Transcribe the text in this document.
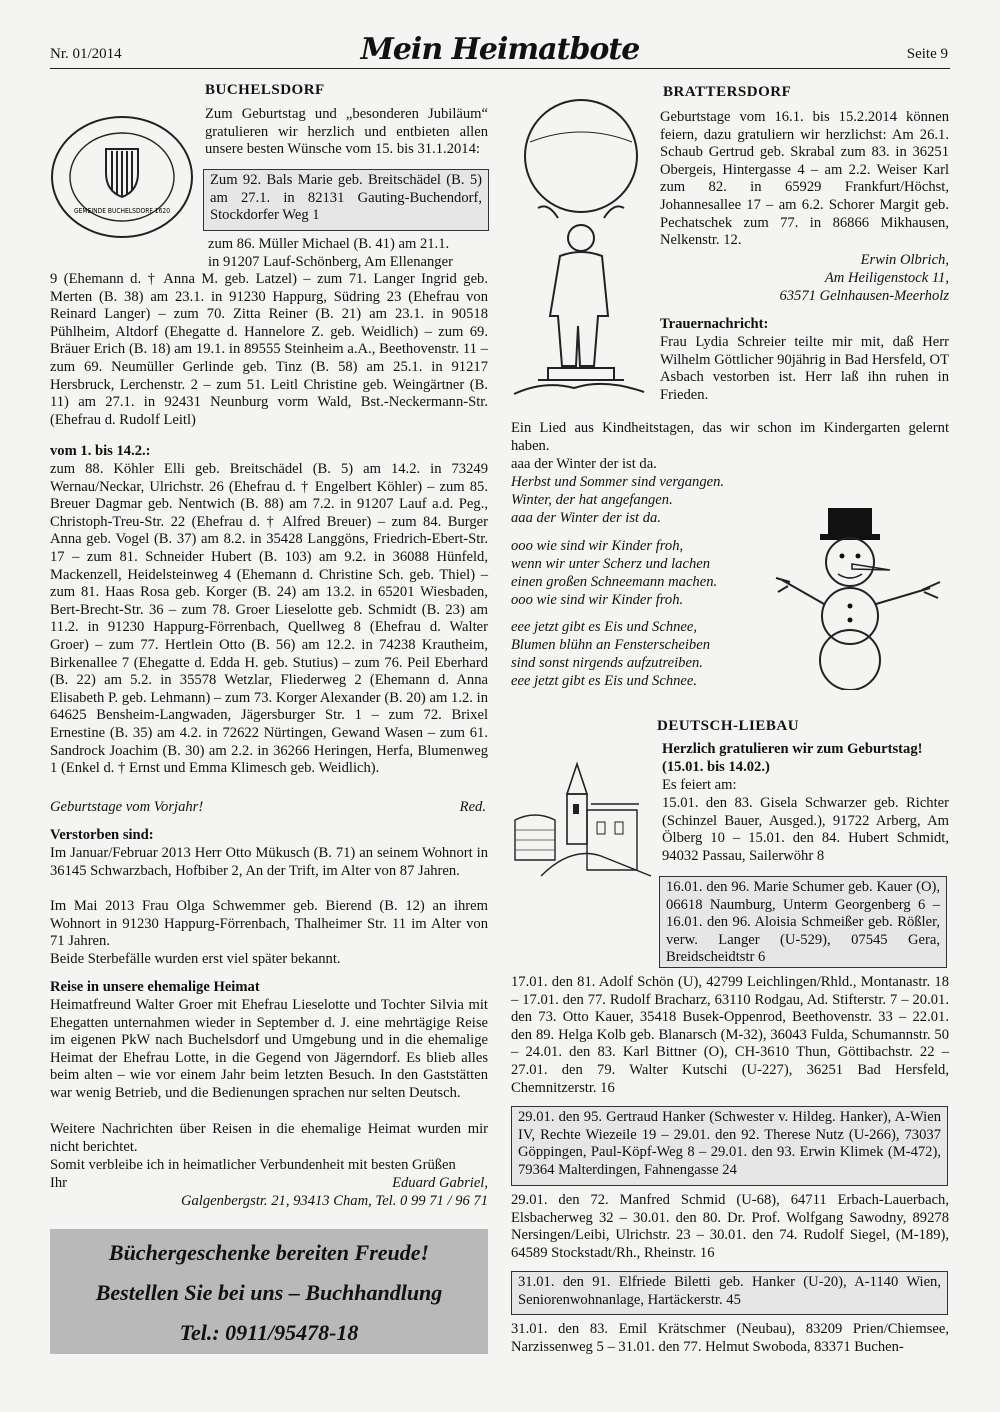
Nr. 01/2014	Mein Heimatbote	Seite 9
GEMEINDE BUCHELSDORF 1620
BUCHELSDORF
Zum Geburtstag und „besonderen Jubiläum“ gratulieren wir herzlich und entbieten allen unsere besten Wünsche vom 15. bis 31.1.2014:
Zum 92. Bals Marie geb. Breitschädel (B. 5) am 27.1. in 82131 Gauting-Buchendorf, Stockdorfer Weg 1
zum 86. Müller Michael (B. 41) am 21.1.
in 91207 Lauf-Schönberg, Am Ellenanger
9 (Ehemann d. † Anna M. geb. Latzel) – zum 71. Langer Ingrid geb. Merten (B. 38) am 23.1. in 91230 Happurg, Südring 23 (Ehefrau von Reinard Langer) – zum 70. Zitta Reiner (B. 21) am 23.1. in 90518 Pühlheim, Altdorf (Ehegatte d. Hannelore Z. geb. Weidlich) – zum 69. Bräuer Erich (B. 18) am 19.1. in 89555 Steinheim a.A., Beethovenstr. 11 – zum 69. Neumüller Gerlinde geb. Tinz (B. 58) am 25.1. in 91217 Hersbruck, Lerchenstr. 2 – zum 51. Leitl Christine geb. Weingärtner (B. 11) am 27.1. in 92431 Neunburg vorm Wald, Bst.-Neckermann-Str. (Ehefrau d. Rudolf Leitl)
vom 1. bis 14.2.:
zum 88. Köhler Elli geb. Breitschädel (B. 5) am 14.2. in 73249 Wernau/Neckar, Ulrichstr. 26 (Ehefrau d. † Engelbert Köhler) – zum 85. Breuer Dagmar geb. Nentwich (B. 88) am 7.2. in 91207 Lauf a.d. Peg., Christoph-Treu-Str. 22 (Ehefrau d. † Alfred Breuer) – zum 84. Burger Anna geb. Vogel (B. 37) am 8.2. in 35428 Langgöns, Friedrich-Ebert-Str. 17 – zum 81. Schneider Hubert (B. 103) am 9.2. in 36088 Hünfeld, Mackenzell, Heidelsteinweg 4 (Ehemann d. Christine Sch. geb. Thiel) – zum 81. Haas Rosa geb. Korger (B. 24) am 13.2. in 65201 Wiesbaden, Bert-Brecht-Str. 36 – zum 78. Groer Lieselotte geb. Schmidt (B. 23) am 11.2. in 91230 Happurg-Förrenbach, Quellweg 8 (Ehefrau d. Walter Groer) – zum 77. Hertlein Otto (B. 56) am 12.2. in 74238 Krautheim, Birkenallee 7 (Ehegatte d. Edda H. geb. Stutius) – zum 76. Peil Eberhard (B. 22) am 5.2. in 35578 Wetzlar, Fliederweg 2 (Ehemann d. Anna Elisabeth P. geb. Lehmann) – zum 73. Korger Alexander (B. 20) am 1.2. in 64625 Bensheim-Langwaden, Jägersburger Str. 1 – zum 72. Brixel Ernestine (B. 35) am 4.2. in 72622 Nürtingen, Gewand Wasen – zum 61. Sandrock Joachim (B. 30) am 2.2. in 36266 Heringen, Herfa, Blumenweg 1 (Enkel d. † Ernst und Emma Klimesch geb. Weidlich).
Geburtstage vom Vorjahr!	Red.
Verstorben sind:
Im Januar/Februar 2013 Herr Otto Mükusch (B. 71) an seinem Wohnort in 36145 Schwarzbach, Hofbiber 2, An der Trift, im Alter von 87 Jahren.
Im Mai 2013 Frau Olga Schwemmer geb. Bierend (B. 12) an ihrem Wohnort in 91230 Happurg-Förrenbach, Thalheimer Str. 11 im Alter von 71 Jahren.
Beide Sterbefälle wurden erst viel später bekannt.
Reise in unsere ehemalige Heimat
Heimatfreund Walter Groer mit Ehefrau Lieselotte und Tochter Silvia mit Ehegatten unternahmen wieder in September d. J. eine mehrtägige Reise im eigenen PkW nach Buchelsdorf und Umgebung und in die ehemalige Heimat der Ehefrau Lotte, in die Gegend von Jägerndorf. Es blieb alles beim alten – wie vor einem Jahr beim letzten Besuch. In den Gaststätten war wenig Betrieb, und die Bedienungen sprachen nur selten Deutsch.
Weitere Nachrichten über Reisen in die ehemalige Heimat wurden mir nicht berichtet.
Somit verbleibe ich in heimatlicher Verbundenheit mit besten Grüßen
Ihr	Eduard Gabriel,
Galgenbergstr. 21, 93413 Cham, Tel. 0 99 71 / 96 71
Büchergeschenke bereiten Freude!
Bestellen Sie bei uns – Buchhandlung
Tel.: 0911/95478-18
BRATTERSDORF
Geburtstage vom 16.1. bis 15.2.2014 können feiern, dazu gratuliern wir herzlichst: Am 26.1. Schaub Gertrud geb. Skrabal zum 83. in 36251 Obergeis, Hintergasse 4 – am 2.2. Weiser Karl zum 82. in 65929 Frankfurt/Höchst, Johannesallee 17 – am 6.2. Schorer Margit geb. Pechatschek zum 77. in 86866 Mikhausen, Nelkenstr. 12.
Erwin Olbrich,
Am Heiligenstock 11,
63571 Gelnhausen-Meerholz
Trauernachricht:
Frau Lydia Schreier teilte mir mit, daß Herr Wilhelm Göttlicher 90jährig in Bad Hersfeld, OT Asbach vestorben ist. Herr laß ihn ruhen in Frieden.
Ein Lied aus Kindheitstagen, das wir schon im Kindergarten gelernt haben.
aaa der Winter der ist da.
Herbst und Sommer sind vergangen.
Winter, der hat angefangen.
aaa der Winter der ist da.
ooo wie sind wir Kinder froh,
wenn wir unter Scherz und lachen
einen großen Schneemann machen.
ooo wie sind wir Kinder froh.
eee jetzt gibt es Eis und Schnee,
Blumen blühn an Fensterscheiben
sind sonst nirgends aufzutreiben.
eee jetzt gibt es Eis und Schnee.
DEUTSCH-LIEBAU
Herzlich gratulieren wir zum Geburtstag!
(15.01. bis 14.02.)
Es feiert am:
15.01. den 83. Gisela Schwarzer geb. Richter (Schinzel Bauer, Ausged.), 91722 Arberg, Am Ölberg 10 – 15.01. den 84. Hubert Schmidt, 94032 Passau, Sailerwöhr 8
16.01. den 96. Marie Schumer geb. Kauer (O), 06618 Naumburg, Unterm Georgenberg 6 – 16.01. den 96. Aloisia Schmeißer geb. Rößler, verw. Langer (U-529), 07545 Gera, Breidscheidtstr 6
17.01. den 81. Adolf Schön (U), 42799 Leichlingen/Rhld., Montanastr. 18 – 17.01. den 77. Rudolf Bracharz, 63110 Rodgau, Ad. Stifterstr. 7 – 20.01. den 73. Otto Kauer, 35418 Busek-Oppenrod, Beethovenstr. 33 – 22.01. den 89. Helga Kolb geb. Blanarsch (M-32), 36043 Fulda, Schumannstr. 50 – 24.01. den 83. Karl Bittner (O), CH-3610 Thun, Göttibachstr. 22 – 27.01. den 79. Walter Kutschi (U-227), 36251 Bad Hersfeld, Chemnitzerstr. 16
29.01. den 95. Gertraud Hanker (Schwester v. Hildeg. Hanker), A-Wien IV, Rechte Wiezeile 19 – 29.01. den 92. Therese Nutz (U-266), 73037 Göppingen, Paul-Köpf-Weg 8 – 29.01. den 93. Erwin Klimek (M-472), 79364 Malterdingen, Fahnengasse 24
29.01. den 72. Manfred Schmid (U-68), 64711 Erbach-Lauerbach, Elsbacherweg 32 – 30.01. den 80. Dr. Prof. Wolfgang Sawodny, 89278 Nersingen/Leibi, Ulrichstr. 23 – 30.01. den 74. Rudolf Siegel, (M-189), 64589 Stockstadt/Rh., Rheinstr. 16
31.01. den 91. Elfriede Biletti geb. Hanker (U-20), A-1140 Wien, Seniorenwohnanlage, Hartäckerstr. 45
31.01. den 83. Emil Krätschmer (Neubau), 83209 Prien/Chiemsee, Narzissenweg 5 – 31.01. den 77. Helmut Swoboda, 83371 Buchen-
